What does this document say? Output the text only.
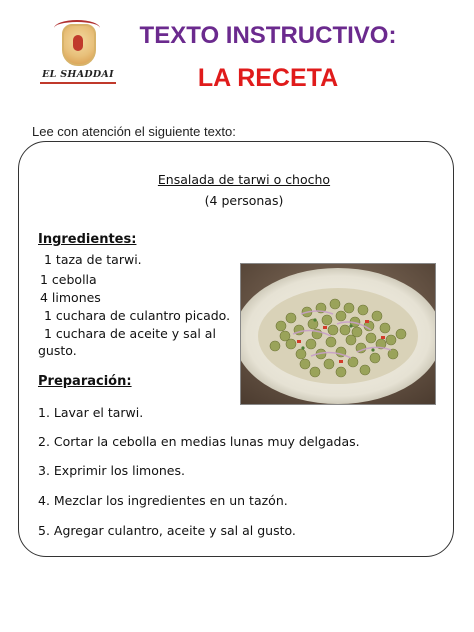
EL SHADDAI
TEXTO INSTRUCTIVO:
LA RECETA
Lee con atención el siguiente texto:
Ensalada de tarwi o chocho
(4 personas)
Ingredientes:
1 taza de tarwi.
1 cebolla
4 limones
1 cuchara de culantro picado.
1 cuchara de aceite y sal al
gusto.
Preparación:
1. Lavar el tarwi.
2. Cortar la cebolla en medias lunas muy delgadas.
3. Exprimir los limones.
4. Mezclar los ingredientes en un tazón.
5. Agregar culantro, aceite y sal al gusto.
